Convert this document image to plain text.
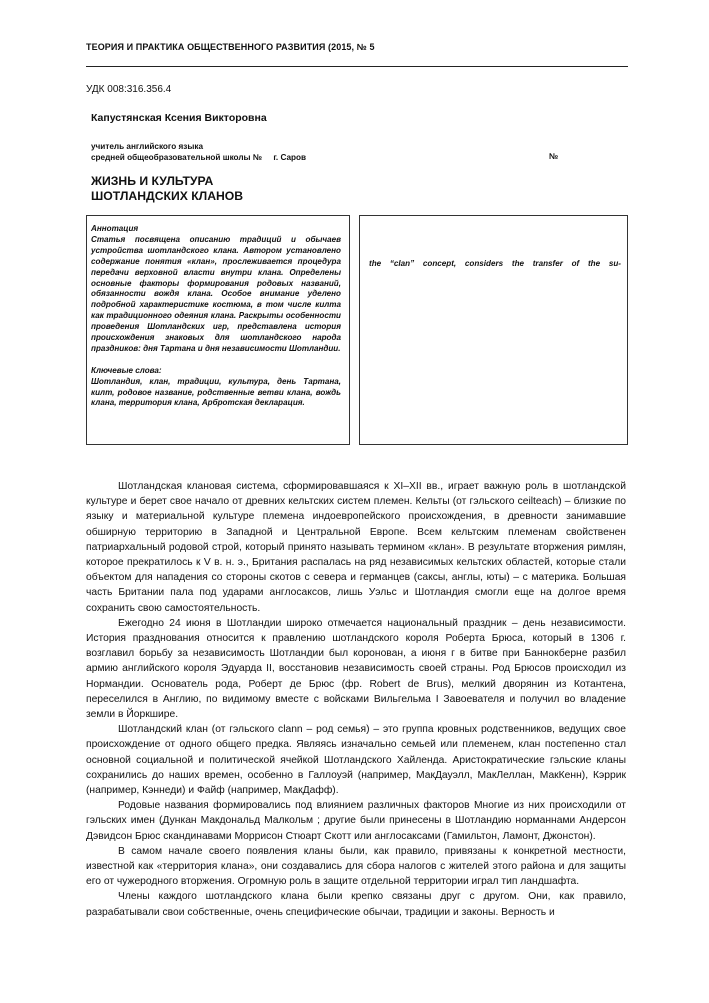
ТЕОРИЯ И ПРАКТИКА ОБЩЕСТВЕННОГО РАЗВИТИЯ (2015, № 5
УДК 008:316.356.4
Капустянская Ксения Викторовна
учитель английского языка
средней общеобразовательной школы №     г. Саров	№
ЖИЗНЬ И КУЛЬТУРА
ШОТЛАНДСКИХ КЛАНОВ

Аннотация

Статья посвящена описанию традиций и обычаев устройства шотландского клана. Автором установлено содержание понятия «клан», прослеживается процедура передачи верховной власти внутри клана. Определены основные факторы формирования родовых названий, обязанности вождя клана. Особое внимание уделено подробной характеристике костюма, в том числе килта как традиционного одеяния клана. Раскрыты особенности проведения Шотландских игр, представлена история происхождения знаковых для шотландского народа праздников: дня Тартана и дня независимости Шотландии.

Ключевые слова:

Шотландия, клан, традиции, культура, день Тартана, килт, родовое название, родственные ветви клана, вождь клана, территория клана, Арбротская декларация.

the “clan” concept, considers the transfer of the su-

Шотландская клановая система, сформировавшаяся к XI–XII вв., играет важную роль в шотландской культуре и берет свое начало от древних кельтских систем племен. Кельты (от гэльского ceilteach) – близкие по языку и материальной культуре племена индоевропейского происхождения, в древности занимавшие обширную территорию в Западной и Центральной Европе. Всем кельтским племенам свойственен патриархальный родовой строй, который принято называть термином «клан». В результате вторжения римлян, которое прекратилось к V в. н. э., Британия распалась на ряд независимых кельтских областей, которые стали объектом для нападения со стороны скотов с севера и германцев (саксы, англы, юты) – с материка. Большая часть Британии пала под ударами англосаксов, лишь Уэльс и Шотландия смогли еще на долгое время сохранить свою самостоятельность.

Ежегодно 24 июня в Шотландии широко отмечается национальный праздник – день независимости. История празднования относится к правлению шотландского короля Роберта Брюса, который в 1306 г. возглавил борьбу за независимость Шотландии был коронован, а июня г в битве при Баннокберне разбил армию английского короля Эдуарда II, восстановив независимость своей страны. Род Брюсов происходил из Нормандии. Основатель рода, Роберт де Брюс (фр. Robert de Brus), мелкий дворянин из Котантена, переселился в Англию, по видимому вместе с войсками Вильгельма I Завоевателя и получил во владение земли в Йоркшире.

Шотландский клан (от гэльского clann – род семья) – это группа кровных родственников, ведущих свое происхождение от одного общего предка. Являясь изначально семьей или племенем, клан постепенно стал основной социальной и политической ячейкой Шотландского Хайленда. Аристократические гэльские кланы сохранились до наших времен, особенно в Галлоуэй (например, МакДауэлл, МакЛеллан, МакКенн), Кэррик (например, Кэннеди) и Файф (например, МакДафф).

Родовые названия формировались под влиянием различных факторов Многие из них происходили от гэльских имен (Дункан Макдональд Малкольм ; другие были принесены в Шотландию норманнами Андерсон Дэвидсон Брюс скандинавами Моррисон Стюарт Скотт или англосаксами (Гамильтон, Ламонт, Джонстон).

В самом начале своего появления кланы были, как правило, привязаны к конкретной местности, известной как «территория клана», они создавались для сбора налогов с жителей этого района и для защиты его от чужеродного вторжения. Огромную роль в защите отдельной территории играл тип ландшафта.

Члены каждого шотландского клана были крепко связаны друг с другом. Они, как правило, разрабатывали свои собственные, очень специфические обычаи, традиции и законы. Верность и
